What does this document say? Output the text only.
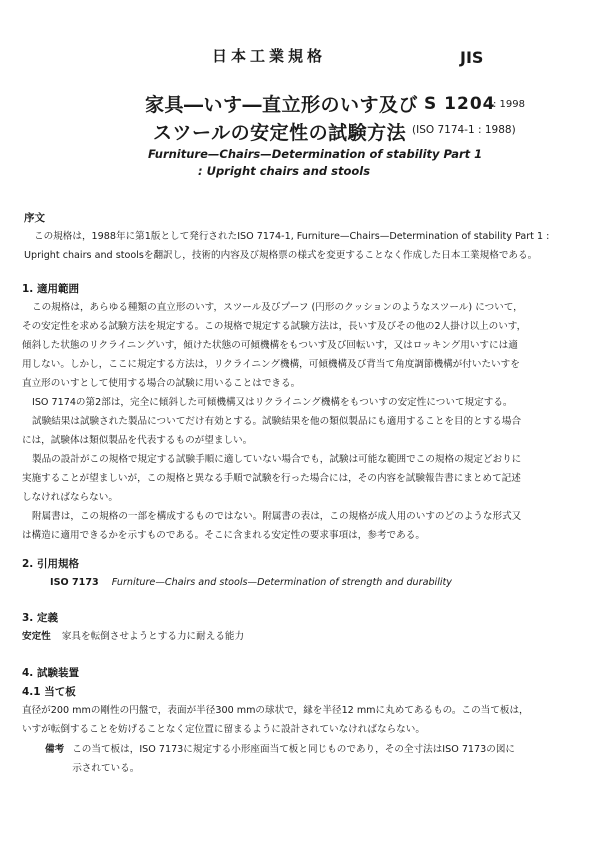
日本工業規格	JIS
家具―いす―直立形のいす及び
スツールの安定性の試験方法
S 1204
: 1998
(ISO 7174-1 : 1988)
Furniture—Chairs—Determination of stability Part 1
: Upright chairs and stools
序文
この規格は，1988年に第1版として発行されたISO 7174-1, Furniture—Chairs—Determination of stability Part 1 :
Upright chairs and stoolsを翻訳し，技術的内容及び規格票の様式を変更することなく作成した日本工業規格である。
1. 適用範囲
この規格は，あらゆる種類の直立形のいす，スツール及びプーフ (円形のクッションのようなスツール) について，
その安定性を求める試験方法を規定する。この規格で規定する試験方法は，長いす及びその他の2人掛け以上のいす，
傾斜した状態のリクライニングいす，傾けた状態の可傾機構をもついす及び回転いす，又はロッキング用いすには適
用しない。しかし，ここに規定する方法は，リクライニング機構，可傾機構及び背当て角度調節機構が付いたいすを
直立形のいすとして使用する場合の試験に用いることはできる。
ISO 7174の第2部は，完全に傾斜した可傾機構又はリクライニング機構をもついすの安定性について規定する。
試験結果は試験された製品についてだけ有効とする。試験結果を他の類似製品にも適用することを目的とする場合
には，試験体は類似製品を代表するものが望ましい。
製品の設計がこの規格で規定する試験手順に適していない場合でも，試験は可能な範囲でこの規格の規定どおりに
実施することが望ましいが，この規格と異なる手順で試験を行った場合には，その内容を試験報告書にまとめて記述
しなければならない。
附属書は，この規格の一部を構成するものではない。附属書の表は，この規格が成人用のいすのどのような形式又
は構造に適用できるかを示すものである。そこに含まれる安定性の要求事項は，参考である。
2. 引用規格
ISO 7173 Furniture—Chairs and stools—Determination of strength and durability
3. 定義
安定性 家具を転倒させようとする力に耐える能力
4. 試験装置
4.1 当て板
直径が200 mmの剛性の円盤で，表面が半径300 mmの球状で，縁を半径12 mmに丸めてあるもの。この当て板は，
いすが転倒することを妨げることなく定位置に留まるように設計されていなければならない。
備考 この当て板は，ISO 7173に規定する小形座面当て板と同じものであり，その全寸法はISO 7173の図に
示されている。
